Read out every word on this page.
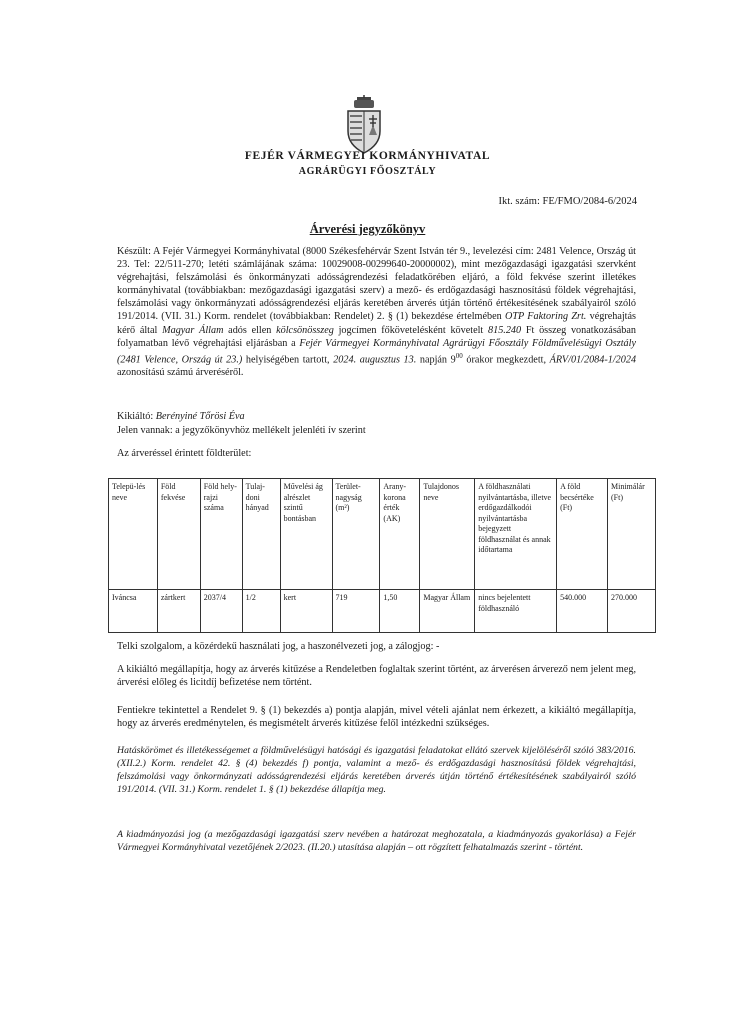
FEJÉR VÁRMEGYEI KORMÁNYHIVATAL
AGRÁRÜGYI FŐOSZTÁLY
Ikt. szám: FE/FMO/2084-6/2024
Árverési jegyzőkönyv

Készült: A Fejér Vármegyei Kormányhivatal (8000 Székesfehérvár Szent István tér 9., levelezési cím: 2481 Velence, Ország út 23. Tel: 22/511-270; letéti számlájának száma: 10029008-00299640-20000002), mint mezőgazdasági igazgatási szervként végrehajtási, felszámolási és önkormányzati adósságrendezési feladatkörében eljáró, a föld fekvése szerint illetékes kormányhivatal (továbbiakban: mezőgazdasági igazgatási szerv) a mező- és erdőgazdasági hasznosítású földek végrehajtási, felszámolási vagy önkormányzati adósságrendezési eljárás keretében árverés útján történő értékesítésének szabályairól szóló 191/2014. (VII. 31.) Korm. rendelet (továbbiakban: Rendelet) 2. § (1) bekezdése értelmében OTP Faktoring Zrt. végrehajtás kérő által Magyar Állam adós ellen kölcsönösszeg jogcímen főkövetelésként követelt 815.240 Ft összeg vonatkozásában folyamatban lévő végrehajtási eljárásban a Fejér Vármegyei Kormányhivatal Agrárügyi Főosztály Földművelésügyi Osztály (2481 Velence, Ország út 23.) helyiségében tartott, 2024. augusztus 13. napján $9^{00}$ órakor megkezdett, ÁRV/01/2084-1/2024 azonosítású számú árveréséről.

Kikiáltó: Berényiné Tőrösi Éva

Jelen vannak: a jegyzőkönyvhöz mellékelt jelenléti ív szerint

Az árveréssel érintett földterület:

Telepü-lés neve	Föld fekvése	Föld hely-rajzi száma	Tulaj-doni hányad	Művelési ág alrészlet szintű bontásban	Terület-nagyság (m²)	Arany-korona érték (AK)	Tulajdonos neve	A földhasználati nyilvántartásba, illetve erdőgazdálkodói nyilvántartásba bejegyzett földhasználat és annak időtartama	A föld becsértéke (Ft)	Minimálár (Ft)
Iváncsa	zártkert	2037/4	1/2	kert	719	1,50	Magyar Állam	nincs bejelentett földhasználó	540.000	270.000

Telki szolgalom, a közérdekű használati jog, a haszonélvezeti jog, a zálogjog: -

A kikiáltó megállapítja, hogy az árverés kitűzése a Rendeletben foglaltak szerint történt, az árverésen árverező nem jelent meg, árverési előleg és licitdíj befizetése nem történt.

Fentiekre tekintettel a Rendelet 9. § (1) bekezdés a) pontja alapján, mivel vételi ajánlat nem érkezett, a kikiáltó megállapítja, hogy az árverés eredménytelen, és megismételt árverés kitűzése felől intézkedni szükséges.

Hatáskörömet és illetékességemet a földművelésügyi hatósági és igazgatási feladatokat ellátó szervek kijelöléséről szóló 383/2016. (XII.2.) Korm. rendelet 42. § (4) bekezdés f) pontja, valamint a mező- és erdőgazdasági hasznosítású földek végrehajtási, felszámolási vagy önkormányzati adósságrendezési eljárás keretében árverés útján történő értékesítésének szabályairól szóló 191/2014. (VII. 31.) Korm. rendelet 1. § (1) bekezdése állapítja meg.

A kiadmányozási jog (a mezőgazdasági igazgatási szerv nevében a határozat meghozatala, a kiadmányozás gyakorlása) a Fejér Vármegyei Kormányhivatal vezetőjének 2/2023. (II.20.) utasítása alapján – ott rögzített felhatalmazás szerint - történt.
